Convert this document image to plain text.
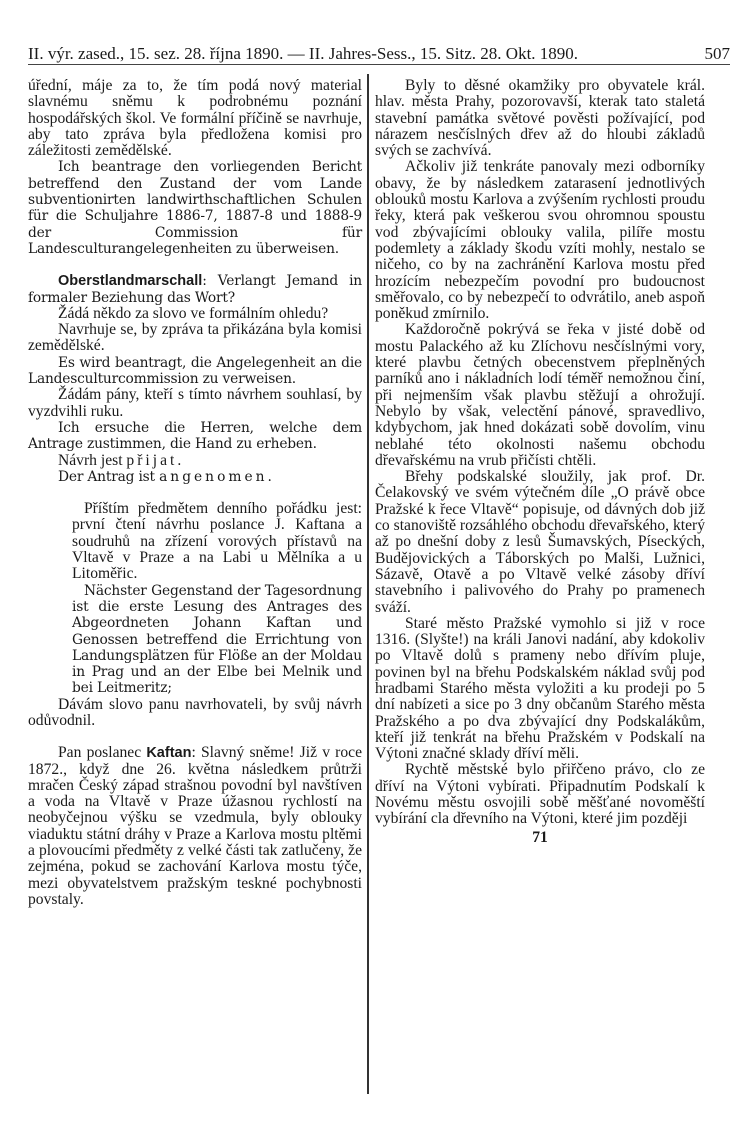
II. výr. zased., 15. sez. 28. října 1890. — II. Jahres-Sess., 15. Sitz. 28. Okt. 1890.	507

úřední, máje za to, že tím podá nový material slavnému sněmu k podrobnému poznání hospodářských škol. Ve formální příčině se navrhuje, aby tato zpráva byla předložena komisi pro záležitosti zemědělské.

Ich beantrage den vorliegenden Bericht betreffend den Zustand der vom Lande subventionirten landwirthschaftlichen Schulen für die Schuljahre 1886-7, 1887-8 und 1888-9 der Commission für Landesculturangelegenheiten zu überweisen.

Oberstlandmarschall: Verlangt Jemand in formaler Beziehung das Wort?

Žádá někdo za slovo ve formálním ohledu?

Navrhuje se, by zpráva ta přikázána byla komisi zemědělské.

Es wird beantragt, die Angelegenheit an die Landesculturcommission zu verweisen.

Žádám pány, kteří s tímto návrhem souhlasí, by vyzdvihli ruku.

Ich ersuche die Herren, welche dem Antrage zustimmen, die Hand zu erheben.

Návrh jest přijat.

Der Antrag ist angenomen.

Příštím předmětem denního pořádku jest: první čtení návrhu poslance J. Kaftana a soudruhů na zřízení vorových přístavů na Vltavě v Praze a na Labi u Mělníka a u Litoměřic.

Nächster Gegenstand der Tagesordnung ist die erste Lesung des Antrages des Abgeordneten Johann Kaftan und Genossen betreffend die Errichtung von Landungsplätzen für Flöße an der Moldau in Prag und an der Elbe bei Melnik und bei Leitmeritz;

Dávám slovo panu navrhovateli, by svůj návrh odůvodnil.

Pan poslanec Kaftan: Slavný sněme! Již v roce 1872., když dne 26. května následkem průtrži mračen Český západ strašnou povodní byl navštíven a voda na Vltavě v Praze úžasnou rychlostí na neobyčejnou výšku se vzedmula, byly oblouky viaduktu státní dráhy v Praze a Karlova mostu pltěmi a plovoucími předměty z velké části tak zatlučeny, že zejména, pokud se zachování Karlova mostu týče, mezi obyvatelstvem pražským teskné pochybnosti povstaly.

Byly to děsné okamžiky pro obyvatele král. hlav. města Prahy, pozorovavší, kterak tato staletá stavební památka světové pověsti požívající, pod nárazem nesčíslných dřev až do hloubi základů svých se zachvívá.

Ačkoliv již tenkráte panovaly mezi odborníky obavy, že by následkem zatarasení jednotlivých oblouků mostu Karlova a zvýšením rychlosti proudu řeky, která pak veškerou svou ohromnou spoustu vod zbývajícími oblouky valila, pilíře mostu podemlety a základy škodu vzíti mohly, nestalo se ničeho, co by na zachránění Karlova mostu před hrozícím nebezpečím povodní pro budoucnost směřovalo, co by nebezpečí to odvrátilo, aneb aspoň poněkud zmírnilo.

Každoročně pokrývá se řeka v jisté době od mostu Palackého až ku Zlíchovu nesčíslnými vory, které plavbu četných obecenstvem přeplněných parníků ano i nákladních lodí téměř nemožnou činí, při nejmenším však plavbu stěžují a ohrožují. Nebylo by však, velectění pánové, spravedlivo, kdybychom, jak hned dokázati sobě dovolím, vinu neblahé této okolnosti našemu obchodu dřevařskému na vrub přičísti chtěli.

Břehy podskalské sloužily, jak prof. Dr. Čelakovský ve svém výtečném díle „O právě obce Pražské k řece Vltavě“ popisuje, od dávných dob již co stanoviště rozsáhlého obchodu dřevařského, který až po dnešní doby z lesů Šumavských, Píseckých, Budějovických a Táborských po Malši, Lužnici, Sázavě, Otavě a po Vltavě velké zásoby dříví stavebního i palivového do Prahy po pramenech sváží.

Staré město Pražské vymohlo si již v roce 1316. (Slyšte!) na králi Janovi nadání, aby kdokoliv po Vltavě dolů s prameny nebo dřívím pluje, povinen byl na břehu Podskalském náklad svůj pod hradbami Starého města vyložiti a ku prodeji po 5 dní nabízeti a sice po 3 dny občanům Starého města Pražského a po dva zbývající dny Podskalákům, kteří již tenkrát na břehu Pražském v Podskalí na Výtoni značné sklady dříví měli.

Rychtě městské bylo přiřčeno právo, clo ze dříví na Výtoni vybírati. Připadnutím Podskalí k Novému městu osvojili sobě měšťané novoměští vybírání cla dřevního na Výtoni, které jim později

71
